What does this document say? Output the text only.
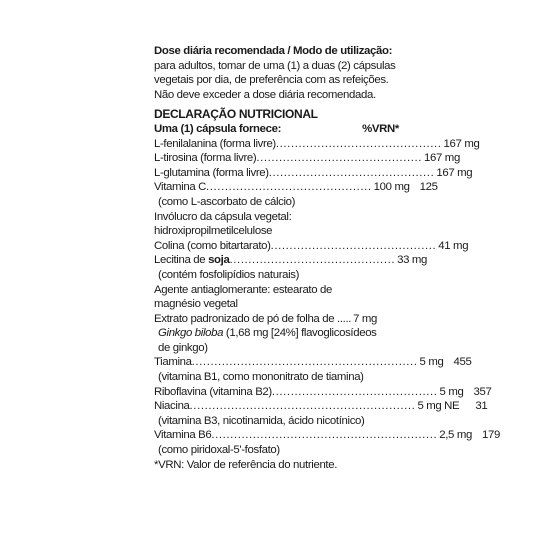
Dose diária recomendada / Modo de utilização: para adultos, tomar de uma (1) a duas (2) cápsulas vegetais por dia, de preferência com as refeições. Não deve exceder a dose diária recomendada.

DECLARAÇÃO NUTRICIONAL
Uma (1) cápsula fornece:	%VRN*
L-fenilalanina (forma livre) ............................................ 167 mg
L-tirosina (forma livre) ............................................ 167 mg
L-glutamina (forma livre) ............................................ 167 mg
Vitamina C ............................................ 100 mg 125
(como L-ascorbato de cálcio)
Invólucro da cápsula vegetal:
hidroxipropilmetilcelulose
Colina (como bitartarato) ............................................ 41 mg
Lecitina de soja ............................................ 33 mg
(contém fosfolipídios naturais)
Agente antiaglomerante: estearato de
magnésio vegetal
Extrato padronizado de pó de folha de ..... 7 mg
Ginkgo biloba (1,68 mg [24%] flavoglicosídeos
de ginkgo)
Tiamina ............................................................ 5 mg 455
(vitamina B1, como mononitrato de tiamina)
Riboflavina (vitamina B2) ............................................ 5 mg 357
Niacina ............................................................ 5 mg NE	31
(vitamina B3, nicotinamida, ácido nicotínico)
Vitamina B6 ............................................................ 2,5 mg 179
(como piridoxal-5'-fosfato)
*VRN: Valor de referência do nutriente.
